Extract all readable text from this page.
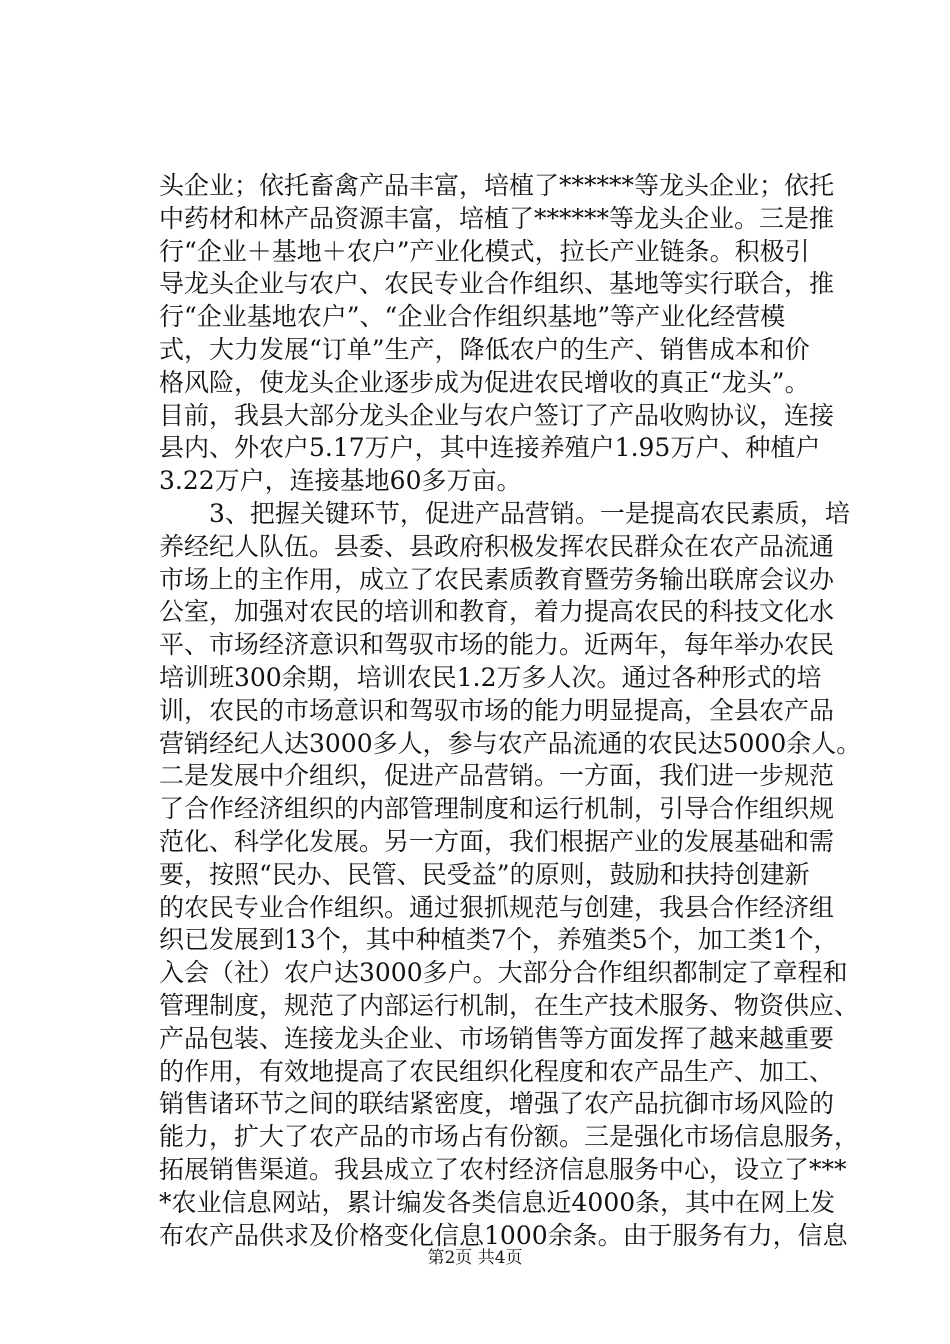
头企业；依托畜禽产品丰富，培植了******等龙头企业；依托
中药材和林产品资源丰富，培植了******等龙头企业。三是推
行“企业＋基地＋农户”产业化模式，拉长产业链条。积极引
导龙头企业与农户、农民专业合作组织、基地等实行联合，推
行“企业基地农户”、“企业合作组织基地”等产业化经营模
式，大力发展“订单”生产，降低农户的生产、销售成本和价
格风险，使龙头企业逐步成为促进农民增收的真正“龙头”。
目前，我县大部分龙头企业与农户签订了产品收购协议，连接
县内、外农户5.17万户，其中连接养殖户1.95万户、种植户
3.22万户，连接基地60多万亩。
　　3、把握关键环节，促进产品营销。一是提高农民素质，培
养经纪人队伍。县委、县政府积极发挥农民群众在农产品流通
市场上的主作用，成立了农民素质教育暨劳务输出联席会议办
公室，加强对农民的培训和教育，着力提高农民的科技文化水
平、市场经济意识和驾驭市场的能力。近两年，每年举办农民
培训班300余期，培训农民1.2万多人次。通过各种形式的培
训，农民的市场意识和驾驭市场的能力明显提高，全县农产品
营销经纪人达3000多人，参与农产品流通的农民达5000余人。
二是发展中介组织，促进产品营销。一方面，我们进一步规范
了合作经济组织的内部管理制度和运行机制，引导合作组织规
范化、科学化发展。另一方面，我们根据产业的发展基础和需
要，按照“民办、民管、民受益”的原则，鼓励和扶持创建新
的农民专业合作组织。通过狠抓规范与创建，我县合作经济组
织已发展到13个，其中种植类7个，养殖类5个，加工类1个，
入会（社）农户达3000多户。大部分合作组织都制定了章程和
管理制度，规范了内部运行机制，在生产技术服务、物资供应、
产品包装、连接龙头企业、市场销售等方面发挥了越来越重要
的作用，有效地提高了农民组织化程度和农产品生产、加工、
销售诸环节之间的联结紧密度，增强了农产品抗御市场风险的
能力，扩大了农产品的市场占有份额。三是强化市场信息服务，
拓展销售渠道。我县成立了农村经济信息服务中心，设立了***
*农业信息网站，累计编发各类信息近4000条，其中在网上发
布农产品供求及价格变化信息1000余条。由于服务有力，信息
第2页 共4页
